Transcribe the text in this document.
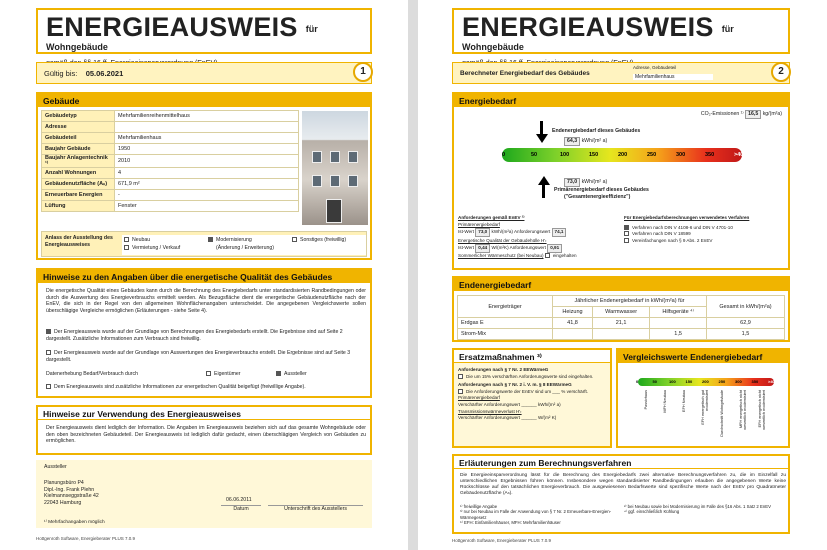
ENERGIEAUSWEIS $^{für Wohngebäude}$
Gültig bis:
05.06.2021	1
Gebäude
Gebäudetyp	Mehrfamilienreihenmittelhaus
Adresse	
Gebäudeteil	Mehrfamilienhaus
Baujahr Gebäude	1950
Baujahr Anlagentechnik ¹⁾	2010
Anzahl Wohnungen	4
Gebäudenutzfläche (Aₙ)	671,9 m²
Erneuerbare Energien	-
Lüftung	Fenster
Anlass der Ausstellung des Energieausweises
Neubau	Modernisierung	Sonstiges (freiwillig)
Vermietung / Verkauf	(Änderung / Erweiterung)
Hinweise zu den Angaben über die energetische Qualität des Gebäudes
Die energetische Qualität eines Gebäudes kann durch die Berechnung des Energiebedarfs unter standardisierten Randbedingungen oder durch die Auswertung des Energieverbrauchs ermittelt werden. Als Bezugsfläche dient die energetische Gebäudenutzfläche nach der EnEV, die sich in der Regel von den allgemeinen Wohnflächenangaben unterscheidet. Die angegebenen Vergleichswerte sollen überschlägige Vergleiche ermöglichen (Erläuterungen - siehe Seite 4).
Der Energieausweis wurde auf der Grundlage von Berechnungen des Energiebedarfs erstellt. Die Ergebnisse sind auf Seite 2 dargestellt. Zusätzliche Informationen zum Verbrauch sind freiwillig.
Der Energieausweis wurde auf der Grundlage von Auswertungen des Energieverbrauchs erstellt. Die Ergebnisse sind auf Seite 3 dargestellt.
Datenerhebung Bedarf/Verbrauch durch	Eigentümer	Aussteller
Dem Energieausweis sind zusätzliche Informationen zur energetischen Qualität beigefügt (freiwillige Angabe).
Hinweise zur Verwendung des Energieausweises
Der Energieausweis dient lediglich der Information. Die Angaben im Energieausweis beziehen sich auf das gesamte Wohngebäude oder den oben bezeichneten Gebäudeteil. Der Energieausweis ist lediglich dafür gedacht, einen überschlägigen Vergleich von Gebäuden zu ermöglichen.
Aussteller
Planungsbüro P4
Dipl.-Ing. Frank Plehn
Kielmannseggstraße 42
22043 Hamburg	06.06.2011
Datum	Unterschrift des Ausstellers
¹⁾ Mehrfachangaben möglich
Hottgenroth Software, Energieberater PLUS 7.0.9
ENERGIEAUSWEIS $^{für Wohngebäude}$
Berechneter Energiebedarf des Gebäudes
Adresse, Gebäudeteil
Mehrfamilienhaus	2
Energiebedarf
CO₂-Emissionen ¹⁾ 16,5 kg/(m²a)
Endenergiebedarf dieses Gebäudes
64,3 kWh/(m² a)
0	50	100	150	200	250	300	350	>400
73,0 kWh/(m² a)
Primärenergiebedarf dieses Gebäudes
("Gesamtenergieeffizienz")
Anforderungen gemäß EnEV ²⁾
Primärenergiebedarf
Ist-Wert 73,0 kWh/(m²a) Anforderungswert 74,1
Energetische Qualität der Gebäudehülle H'ₜ
Ist-Wert 0,44 W/(m²K) Anforderungswert 0,91
Sommerlicher Wärmeschutz (bei Neubau) eingehalten
Für Energiebedarfsberechnungen verwendetes Verfahren
Verfahren nach DIN V 4108-6 und DIN V 4701-10
Verfahren nach DIN V 18599
Vereinfachungen nach § 9 Abs. 2 EnEV
Endenergiebedarf
Energieträger	Jährlicher Endenergiebedarf in kWh/(m²a) für			Gesamt in kWh/(m²a)
	Heizung	Warmwasser	Hilfsgeräte ⁴⁾	
Erdgas E	41,8	21,1		62,9
Strom-Mix			1,5	1,5
Ersatzmaßnahmen ³⁾
Anforderungen nach § 7 Nr. 2 EEWärmeG
Die um 15% verschärften Anforderungswerte sind eingehalten.
Anforderungen nach § 7 Nr. 2 i. V. m. § 8 EEWärmeG
Die Anforderungswerte der EnEV sind um ___ % verschärft.
Primärenergiebedarf
Verschärfter Anforderungswert ______ kWh/(m² a)
Transmissionswärmeverlust H'ₜ
Verschärfter Anforderungswert ______ W/(m² K)
Vergleichswerte Endenergiebedarf
0	50	100 150 200 250 300 350 >400
Passivhaus	MFH Neubau	EFH Neubau	EFH energetisch gut modernisiert	Durchschnitt Wohngebäude	MFH energetisch nicht wesentlich modernisiert	EFH energetisch nicht wesentlich modernisiert
Erläuterungen zum Berechnungsverfahren
Die Energieeinsparverordnung lässt für die Berechnung des Energiebedarfs zwei alternative Berechnungsverfahren zu, die im Einzelfall zu unterschiedlichen Ergebnissen führen können. Insbesondere wegen standardisierter Randbedingungen erlauben die angegebenen Werte keine Rückschlüsse auf den tatsächlichen Energieverbrauch. Die ausgewiesenen Bedarfswerte sind spezifische Werte nach der EnEV pro Quadratmeter Gebäudenutzfläche (Aₙ).
¹⁾ freiwillige Angabe
³⁾ nur bei Neubau im Falle der Anwendung von § 7 Nr. 2 Erneuerbare-Energien-Wärmegesetz
⁵⁾ EFH: Einfamilienhäuser, MFH: Mehrfamilienhäuser
²⁾ bei Neubau sowie bei Modernisierung im Falle des §16 Abs. 1 Satz 2 EnEV
⁴⁾ ggf. einschließlich Kühlung
Hottgenroth Software, Energieberater PLUS 7.0.9
